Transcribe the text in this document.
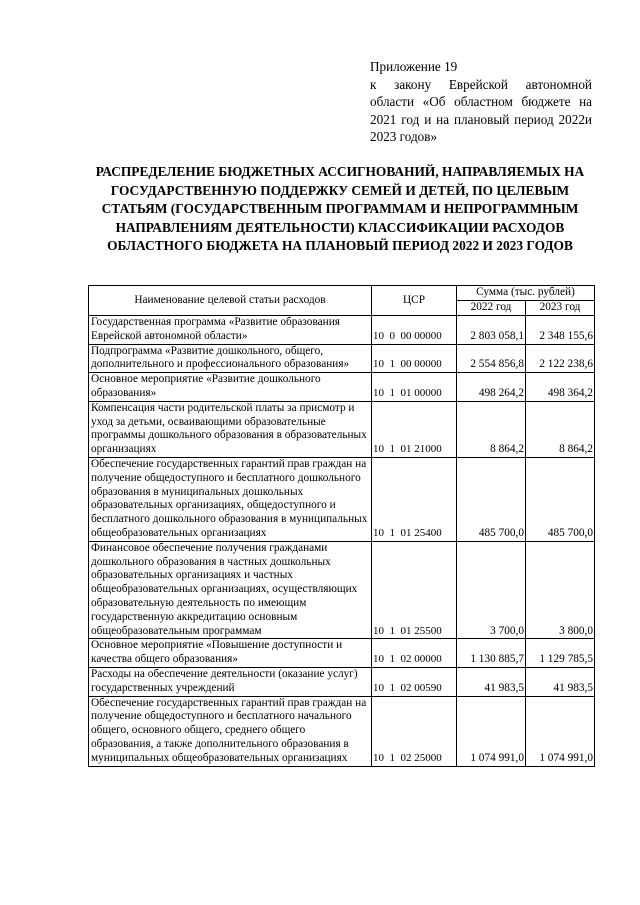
Приложение 19
к закону Еврейской автономной области «Об областном бюджете на 2021 год и на плановый период 2022и 2023 годов»
РАСПРЕДЕЛЕНИЕ БЮДЖЕТНЫХ АССИГНОВАНИЙ, НАПРАВЛЯЕМЫХ НА ГОСУДАРСТВЕННУЮ ПОДДЕРЖКУ СЕМЕЙ И ДЕТЕЙ, ПО ЦЕЛЕВЫМ СТАТЬЯМ (ГОСУДАРСТВЕННЫМ ПРОГРАММАМ И НЕПРОГРАММНЫМ НАПРАВЛЕНИЯМ ДЕЯТЕЛЬНОСТИ) КЛАССИФИКАЦИИ РАСХОДОВ ОБЛАСТНОГО БЮДЖЕТА НА ПЛАНОВЫЙ ПЕРИОД 2022 И 2023 ГОДОВ
Наименование целевой статьи расходов	ЦСР	Сумма (тыс. рублей)	
		2022 год	2023 год
Государственная программа «Развитие образования Еврейской автономной области»	10  0  00 00000	2 803 058,1	2 348 155,6
Подпрограмма «Развитие дошкольного, общего, дополнительного и профессионального образования»	10  1  00 00000	2 554 856,8	2 122 238,6
Основное мероприятие «Развитие дошкольного образования»	10  1  01 00000	498 264,2	498 364,2
Компенсация части родительской платы за присмотр и уход за детьми, осваивающими образовательные программы дошкольного образования в образовательных организациях	10  1  01 21000	8 864,2	8 864,2
Обеспечение государственных гарантий прав граждан на получение общедоступного и бесплатного дошкольного образования в муниципальных дошкольных образовательных организациях, общедоступного и бесплатного дошкольного образования в муниципальных общеобразовательных организациях	10  1  01 25400	485 700,0	485 700,0
Финансовое обеспечение получения гражданами дошкольного образования в частных дошкольных образовательных организациях и частных общеобразовательных организациях, осуществляющих образовательную деятельность по имеющим государственную аккредитацию основным общеобразовательным программам	10  1  01 25500	3 700,0	3 800,0
Основное мероприятие «Повышение доступности и качества общего образования»	10  1  02 00000	1 130 885,7	1 129 785,5
Расходы на обеспечение деятельности (оказание услуг) государственных учреждений	10  1  02 00590	41 983,5	41 983,5
Обеспечение государственных гарантий прав граждан на получение общедоступного и бесплатного начального общего, основного общего, среднего общего образования, а также дополнительного образования в муниципальных общеобразовательных организациях	10  1  02 25000	1 074 991,0	1 074 991,0
